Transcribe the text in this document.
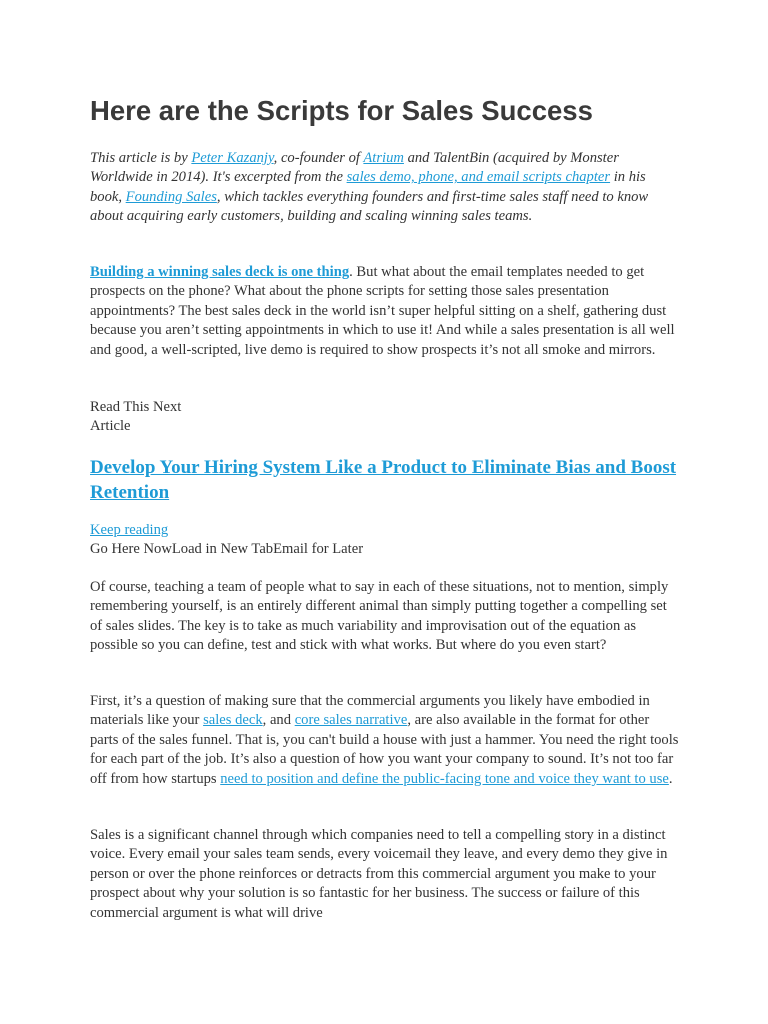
Here are the Scripts for Sales Success

This article is by Peter Kazanjy, co-founder of Atrium and TalentBin (acquired by Monster Worldwide in 2014). It's excerpted from the sales demo, phone, and email scripts chapter in his book, Founding Sales, which tackles everything founders and first-time sales staff need to know about acquiring early customers, building and scaling winning sales teams.

Building a winning sales deck is one thing. But what about the email templates needed to get prospects on the phone? What about the phone scripts for setting those sales presentation appointments? The best sales deck in the world isn’t super helpful sitting on a shelf, gathering dust because you aren’t setting appointments in which to use it! And while a sales presentation is all well and good, a well-scripted, live demo is required to show prospects it’s not all smoke and mirrors.

Read This Next
Article
Develop Your Hiring System Like a Product to Eliminate Bias and Boost Retention
Keep reading
Go Here NowLoad in New TabEmail for Later

Of course, teaching a team of people what to say in each of these situations, not to mention, simply remembering yourself, is an entirely different animal than simply putting together a compelling set of sales slides. The key is to take as much variability and improvisation out of the equation as possible so you can define, test and stick with what works. But where do you even start?

First, it’s a question of making sure that the commercial arguments you likely have embodied in materials like your sales deck, and core sales narrative, are also available in the format for other parts of the sales funnel. That is, you can't build a house with just a hammer. You need the right tools for each part of the job. It’s also a question of how you want your company to sound. It’s not too far off from how startups need to position and define the public-facing tone and voice they want to use.

Sales is a significant channel through which companies need to tell a compelling story in a distinct voice. Every email your sales team sends, every voicemail they leave, and every demo they give in person or over the phone reinforces or detracts from this commercial argument you make to your prospect about why your solution is so fantastic for her business. The success or failure of this commercial argument is what will drive
